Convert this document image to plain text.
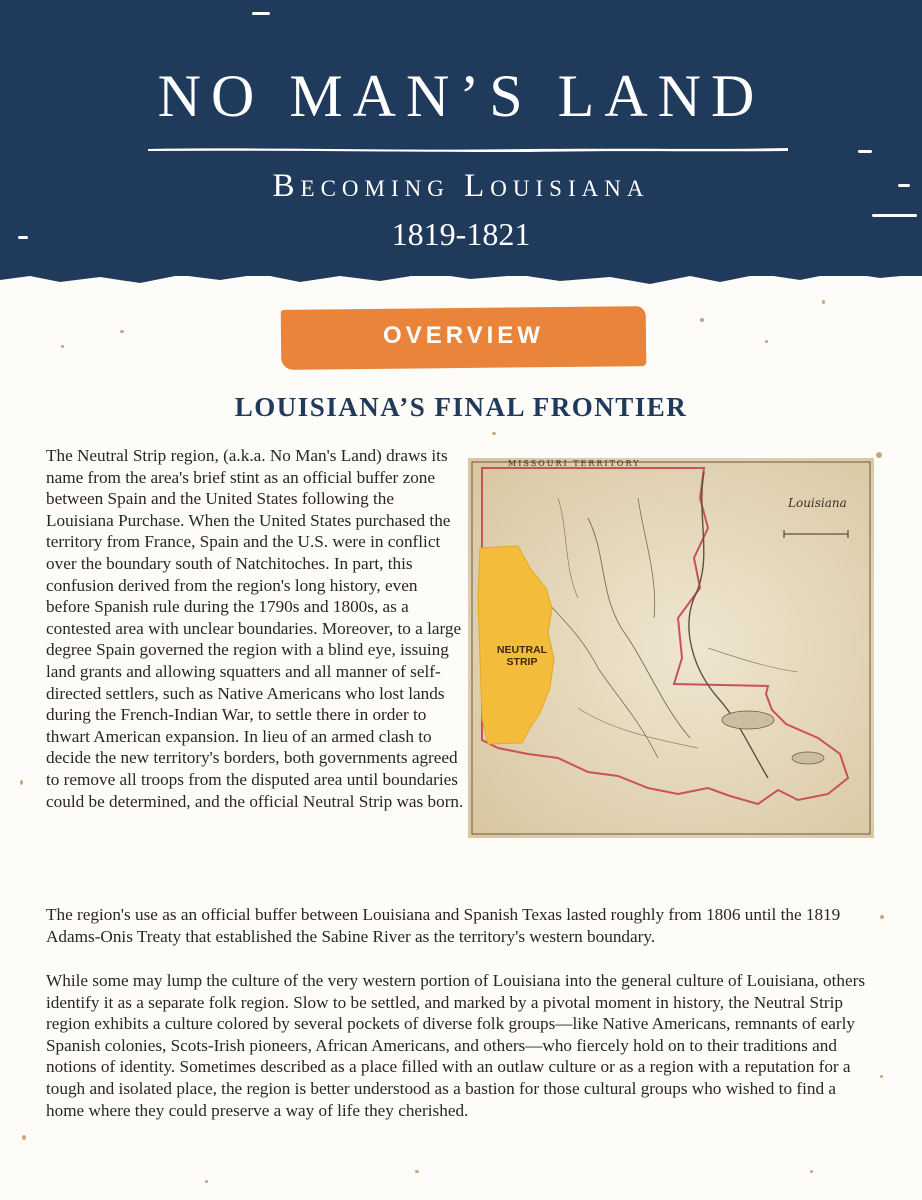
NO MAN’S LAND
Becoming Louisiana
1819-1821
OVERVIEW
LOUISIANA’S FINAL FRONTIER

The Neutral Strip region, (a.k.a. No Man's Land) draws its name from the area's brief stint as an official buffer zone between Spain and the United States following the Louisiana Purchase. When the United States purchased the territory from France, Spain and the U.S. were in conflict over the boundary south of Natchitoches. In part, this confusion derived from the region's long history, even before Spanish rule during the 1790s and 1800s, as a contested area with unclear boundaries. Moreover, to a large degree Spain governed the region with a blind eye, issuing land grants and allowing squatters and all manner of self-directed settlers, such as Native Americans who lost lands during the French-Indian War, to settle there in order to thwart American expansion. In lieu of an armed clash to decide the new territory's borders, both governments agreed to remove all troops from the disputed area until boundaries could be determined, and the official Neutral Strip was born.

MISSOURI TERRITORY
Louisiana
NEUTRAL
STRIP

The region's use as an official buffer between Louisiana and Spanish Texas lasted roughly from 1806 until the 1819 Adams-Onis Treaty that established the Sabine River as the territory's western boundary.

While some may lump the culture of the very western portion of Louisiana into the general culture of Louisiana, others identify it as a separate folk region. Slow to be settled, and marked by a pivotal moment in history, the Neutral Strip region exhibits a culture colored by several pockets of diverse folk groups—like Native Americans, remnants of early Spanish colonies, Scots-Irish pioneers, African Americans, and others—who fiercely hold on to their traditions and notions of identity. Sometimes described as a place filled with an outlaw culture or as a region with a reputation for a tough and isolated place, the region is better understood as a bastion for those cultural groups who wished to find a home where they could preserve a way of life they cherished.
